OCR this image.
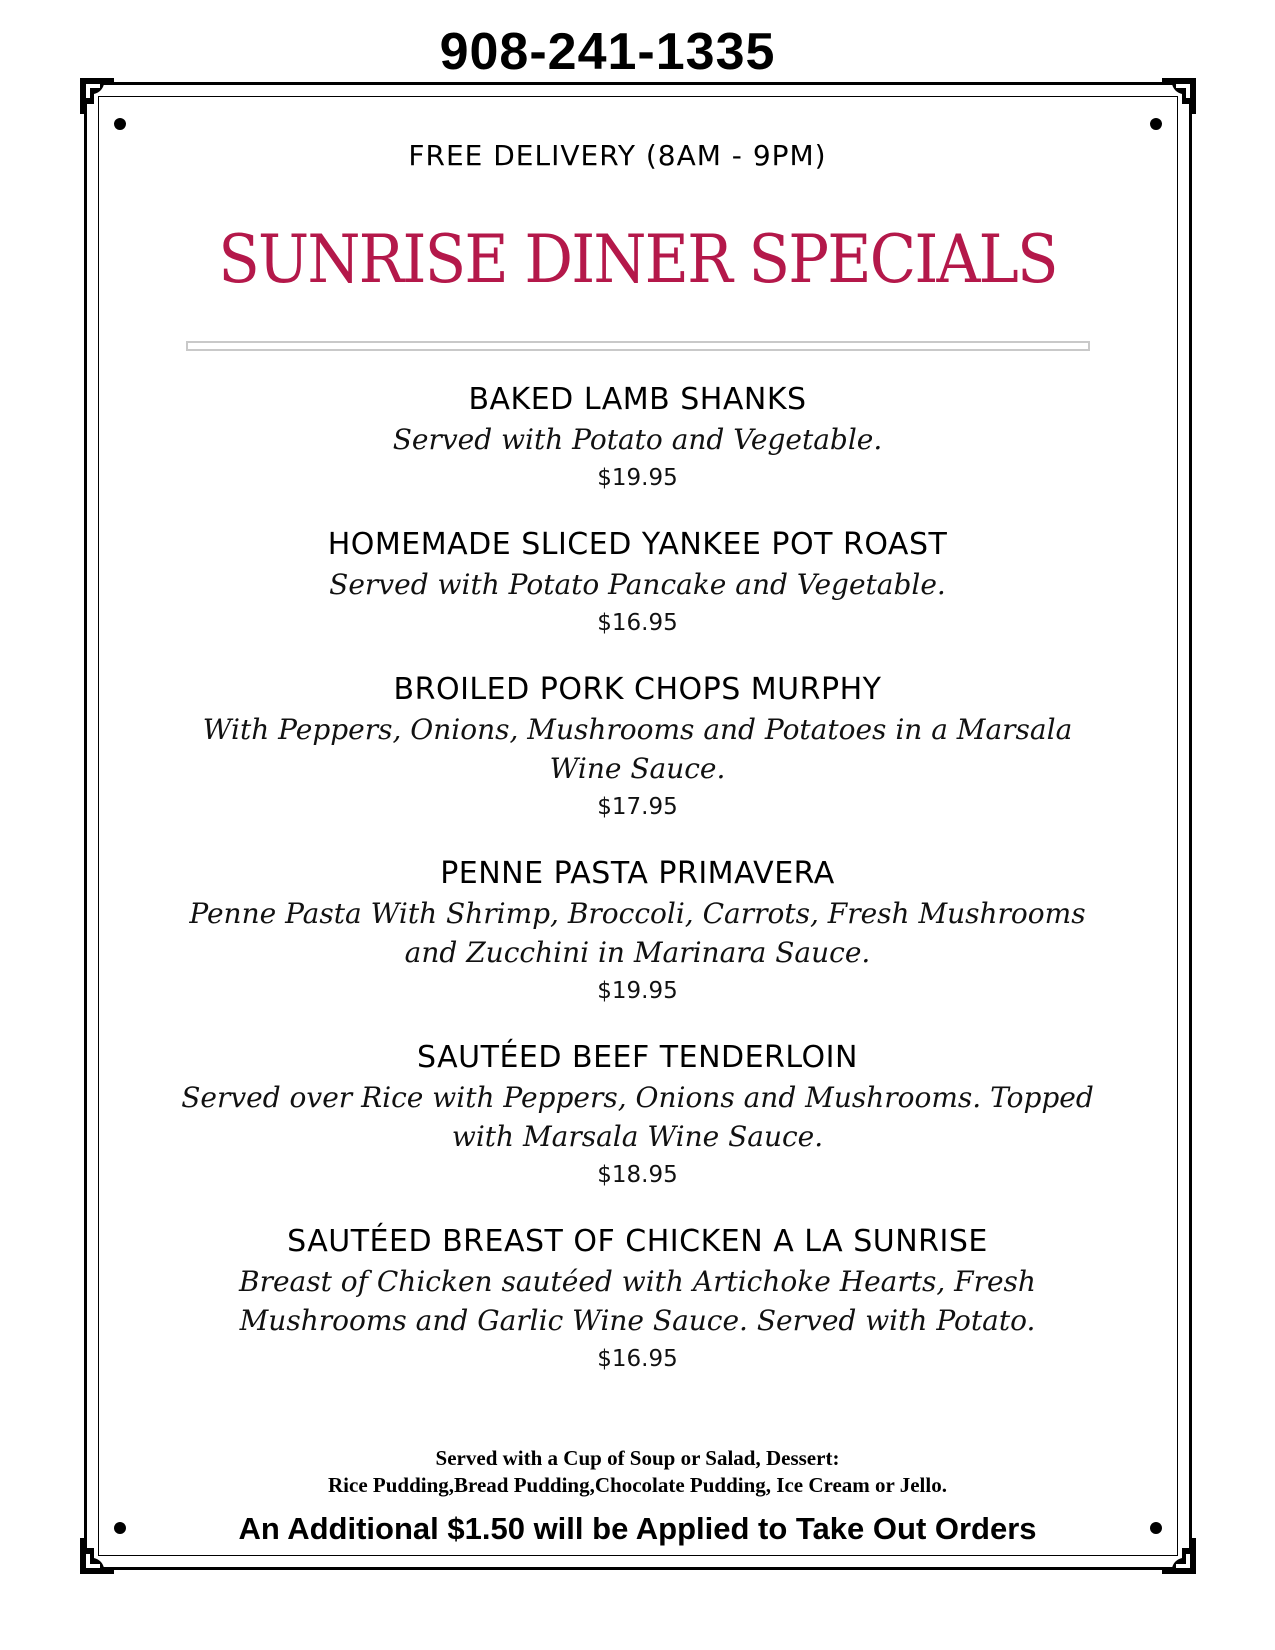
908-241-1335
FREE DELIVERY (8AM - 9PM)
SUNRISE DINER SPECIALS
BAKED LAMB SHANKS
Served with Potato and Vegetable.
$19.95
HOMEMADE SLICED YANKEE POT ROAST
Served with Potato Pancake and Vegetable.
$16.95
BROILED PORK CHOPS MURPHY
With Peppers, Onions, Mushrooms and Potatoes in a Marsala
Wine Sauce.
$17.95
PENNE PASTA PRIMAVERA
Penne Pasta With Shrimp, Broccoli, Carrots, Fresh Mushrooms
and Zucchini in Marinara Sauce.
$19.95
SAUTÉED BEEF TENDERLOIN
Served over Rice with Peppers, Onions and Mushrooms. Topped
with Marsala Wine Sauce.
$18.95
SAUTÉED BREAST OF CHICKEN A LA SUNRISE
Breast of Chicken sautéed with Artichoke Hearts, Fresh
Mushrooms and Garlic Wine Sauce. Served with Potato.
$16.95
Served with a Cup of Soup or Salad, Dessert:
Rice Pudding,Bread Pudding,Chocolate Pudding, Ice Cream or Jello.
An Additional $1.50 will be Applied to Take Out Orders
